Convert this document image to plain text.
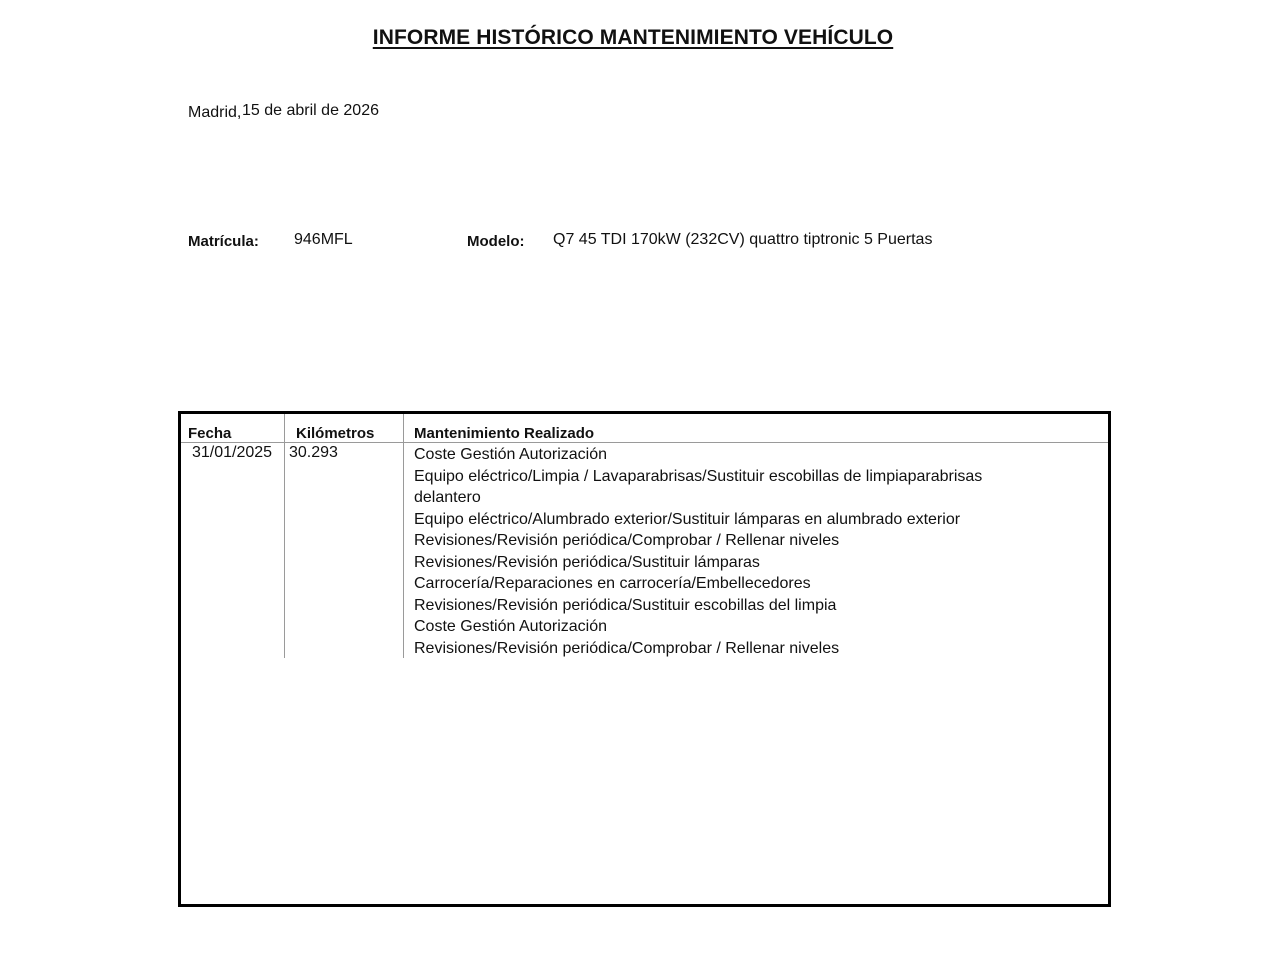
INFORME HISTÓRICO MANTENIMIENTO VEHÍCULO
Madrid, 15 de abril de 2026
Matrícula: 946MFL	Modelo: Q7 45 TDI 170kW (232CV) quattro tiptronic 5 Puertas
Fecha	Kilómetros	Mantenimiento Realizado
31/01/2025 30.293	Coste Gestión Autorización
Equipo eléctrico/Limpia / Lavaparabrisas/Sustituir escobillas de limpiaparabrisas
delantero
Equipo eléctrico/Alumbrado exterior/Sustituir lámparas en alumbrado exterior
Revisiones/Revisión periódica/Comprobar / Rellenar niveles
Revisiones/Revisión periódica/Sustituir lámparas
Carrocería/Reparaciones en carrocería/Embellecedores
Revisiones/Revisión periódica/Sustituir escobillas del limpia
Coste Gestión Autorización
Revisiones/Revisión periódica/Comprobar / Rellenar niveles
